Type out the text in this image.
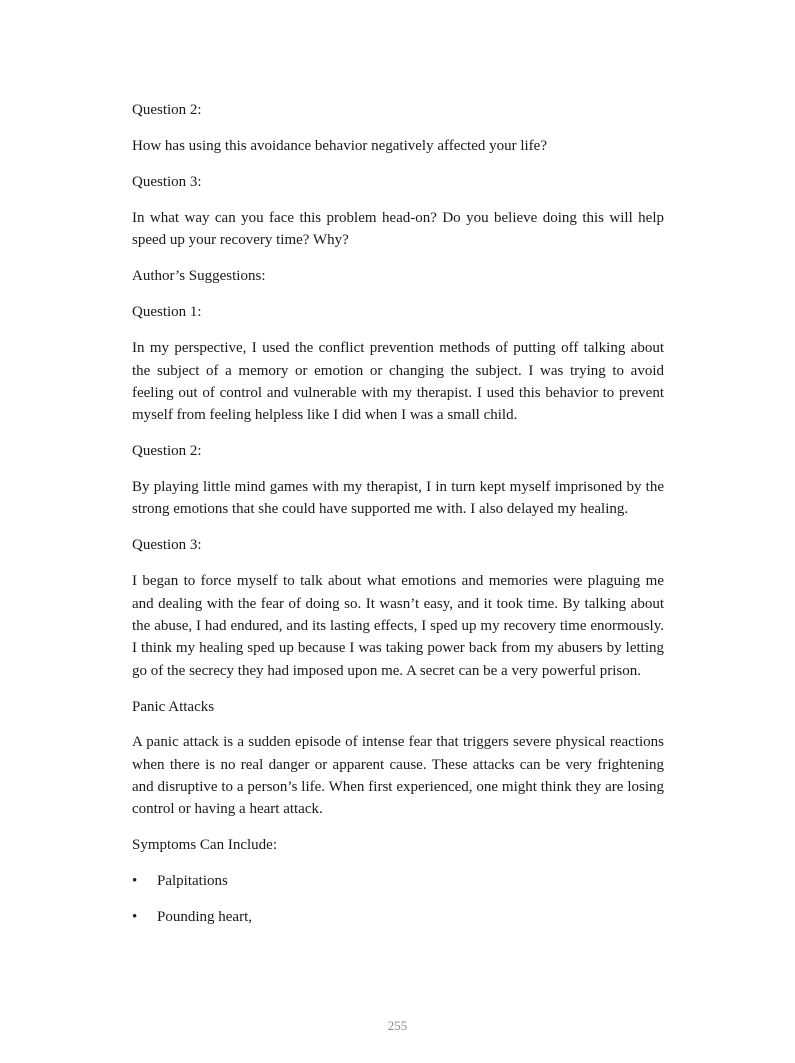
Question 2:

How has using this avoidance behavior negatively affected your life?

Question 3:

In what way can you face this problem head-on? Do you believe doing this will help speed up your recovery time? Why?

Author’s Suggestions:

Question 1:

In my perspective, I used the conflict prevention methods of putting off talking about the subject of a memory or emotion or changing the subject. I was trying to avoid feeling out of control and vulnerable with my therapist. I used this behavior to prevent myself from feeling helpless like I did when I was a small child.

Question 2:

By playing little mind games with my therapist, I in turn kept myself imprisoned by the strong emotions that she could have supported me with. I also delayed my healing.

Question 3:

I began to force myself to talk about what emotions and memories were plaguing me and dealing with the fear of doing so. It wasn’t easy, and it took time. By talking about the abuse, I had endured, and its lasting effects, I sped up my recovery time enormously. I think my healing sped up because I was taking power back from my abusers by letting go of the secrecy they had imposed upon me. A secret can be a very powerful prison.

Panic Attacks

A panic attack is a sudden episode of intense fear that triggers severe physical reactions when there is no real danger or apparent cause. These attacks can be very frightening and disruptive to a person’s life. When first experienced, one might think they are losing control or having a heart attack.

Symptoms Can Include:

• Palpitations
• Pounding heart,
255
